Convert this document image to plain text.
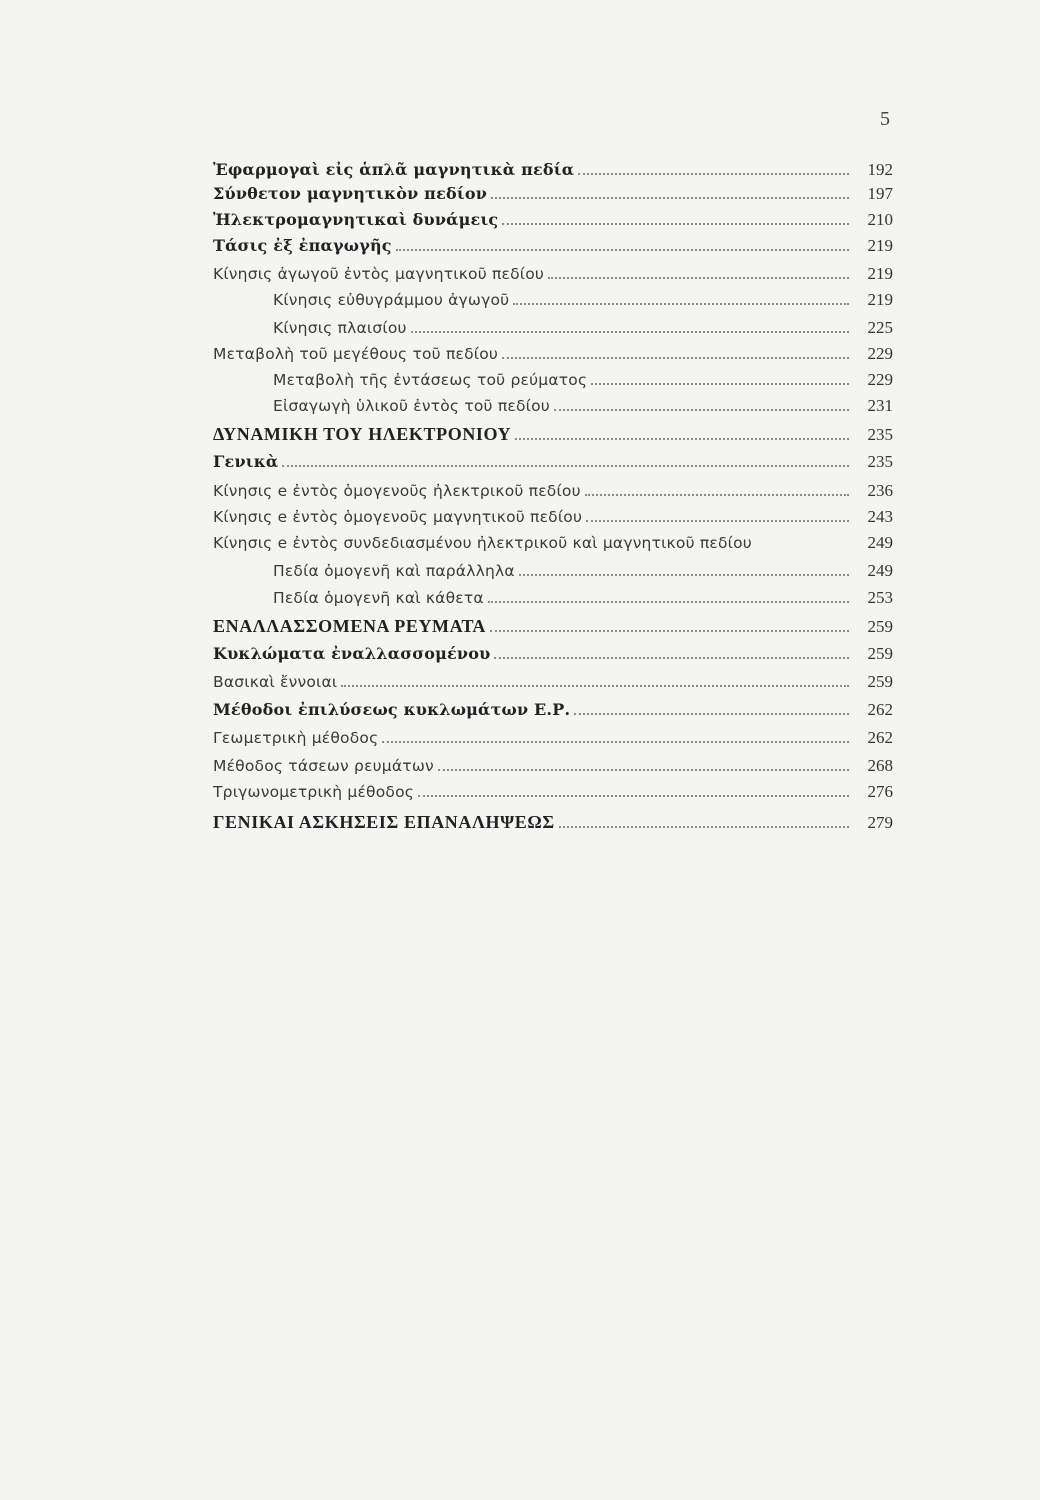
5
Ἐφαρμογαὶ εἰς ἁπλᾶ μαγνητικὰ πεδία	192
Σύνθετον μαγνητικὸν πεδίον	197
Ἠλεκτρομαγνητικαὶ δυνάμεις	210
Τάσις ἐξ ἐπαγωγῆς	219
Κίνησις ἀγωγοῦ ἐντὸς μαγνητικοῦ πεδίου	219
Κίνησις εὐθυγράμμου ἀγωγοῦ	219
Κίνησις πλαισίου	225
Μεταβολὴ τοῦ μεγέθους τοῦ πεδίου	229
Μεταβολὴ τῆς ἐντάσεως τοῦ ρεύματος	229
Εἰσαγωγὴ ὑλικοῦ ἐντὸς τοῦ πεδίου	231
ΔΥΝΑΜΙΚΗ ΤΟΥ ΗΛΕΚΤΡΟΝΙΟΥ	235
Γενικὰ	235
Κίνησις e ἐντὸς ὁμογενοῦς ἠλεκτρικοῦ πεδίου	236
Κίνησις e ἐντὸς ὁμογενοῦς μαγνητικοῦ πεδίου	243
Κίνησις e ἐντὸς συνδεδιασμένου ἠλεκτρικοῦ καὶ μαγνητικοῦ πεδίου	249
Πεδία ὁμογενῆ καὶ παράλληλα	249
Πεδία ὁμογενῆ καὶ κάθετα	253
ΕΝΑΛΛΑΣΣΟΜΕΝΑ ΡΕΥΜΑΤΑ	259
Κυκλώματα ἐναλλασσομένου	259
Βασικαὶ ἔννοιαι	259
Μέθοδοι ἐπιλύσεως κυκλωμάτων Ε.Ρ.	262
Γεωμετρικὴ μέθοδος	262
Μέθοδος τάσεων ρευμάτων	268
Τριγωνομετρικὴ μέθοδος	276
ΓΕΝΙΚΑΙ ΑΣΚΗΣΕΙΣ ΕΠΑΝΑΛΗΨΕΩΣ	279
